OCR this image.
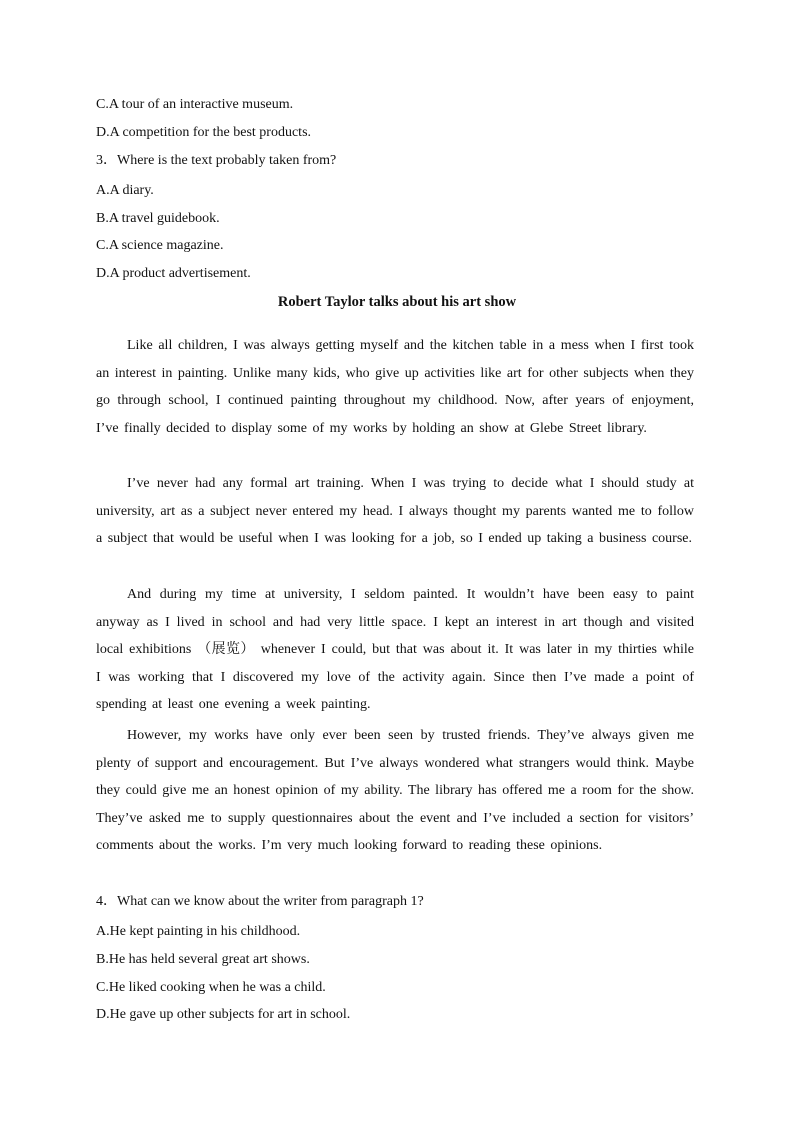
C.A tour of an interactive museum.
D.A competition for the best products.
3．Where is the text probably taken from?
A.A diary.
B.A travel guidebook.
C.A science magazine.
D.A product advertisement.
Robert Taylor talks about his art show
Like all children, I was always getting myself and the kitchen table in a mess when I first took an interest in painting. Unlike many kids, who give up activities like art for other subjects when they go through school, I continued painting throughout my childhood. Now, after years of enjoyment, I’ve finally decided to display some of my works by holding an show at Glebe Street library.
I’ve never had any formal art training. When I was trying to decide what I should study at university, art as a subject never entered my head. I always thought my parents wanted me to follow a subject that would be useful when I was looking for a job, so I ended up taking a business course.
And during my time at university, I seldom painted. It wouldn’t have been easy to paint anyway as I lived in school and had very little space. I kept an interest in art though and visited local exhibitions （展览） whenever I could, but that was about it. It was later in my thirties while I was working that I discovered my love of the activity again. Since then I’ve made a point of spending at least one evening a week painting.
However, my works have only ever been seen by trusted friends. They’ve always given me plenty of support and encouragement. But I’ve always wondered what strangers would think. Maybe they could give me an honest opinion of my ability. The library has offered me a room for the show. They’ve asked me to supply questionnaires about the event and I’ve included a section for visitors’ comments about the works. I’m very much looking forward to reading these opinions.
4．What can we know about the writer from paragraph 1?
A.He kept painting in his childhood.
B.He has held several great art shows.
C.He liked cooking when he was a child.
D.He gave up other subjects for art in school.
